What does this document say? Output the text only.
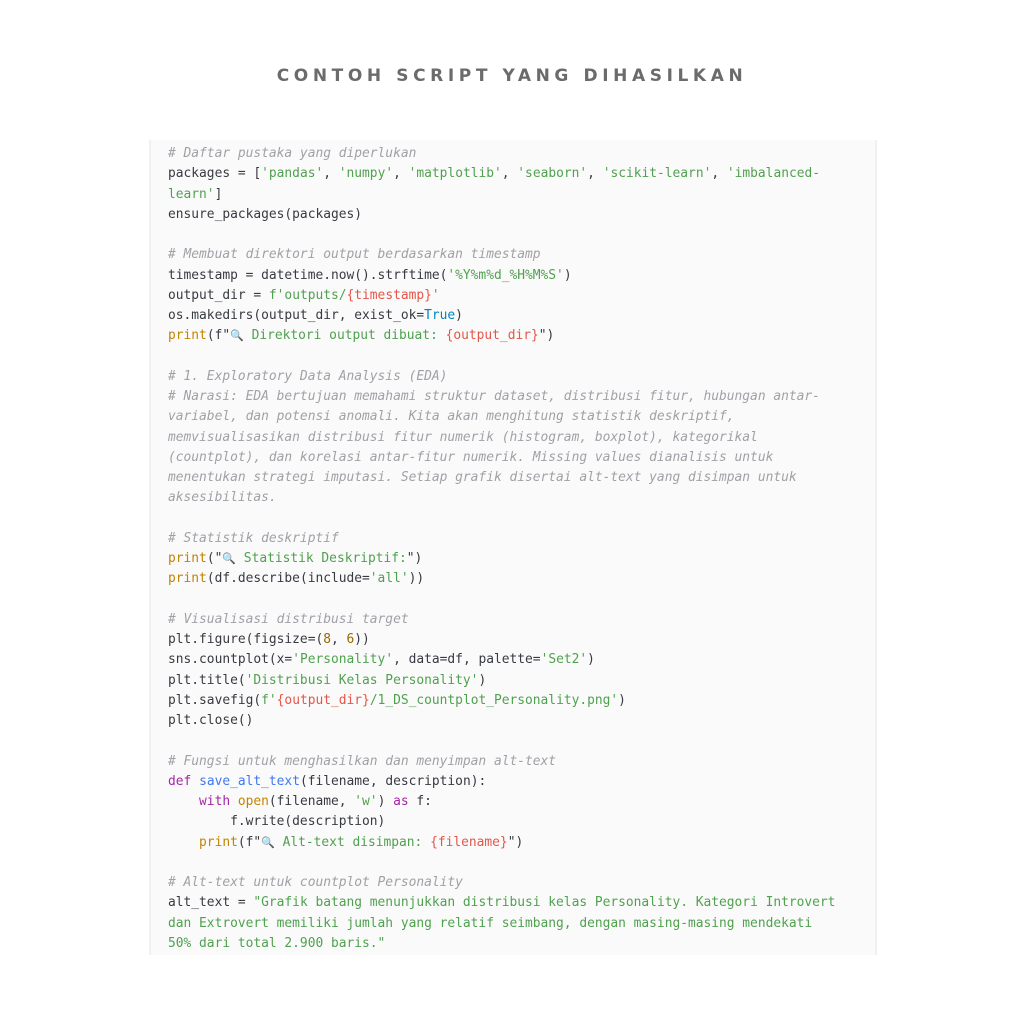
CONTOH SCRIPT YANG DIHASILKAN
# Daftar pustaka yang diperlukan
packages = ['pandas', 'numpy', 'matplotlib', 'seaborn', 'scikit-learn', 'imbalanced-
learn']
ensure_packages(packages)
# Membuat direktori output berdasarkan timestamp
timestamp = datetime.now().strftime('%Y%m%d_%H%M%S')
output_dir = f'outputs/{timestamp}'
os.makedirs(output_dir, exist_ok=True)
print(f"🔍 Direktori output dibuat: {output_dir}")
# 1. Exploratory Data Analysis (EDA)
# Narasi: EDA bertujuan memahami struktur dataset, distribusi fitur, hubungan antar-
variabel, dan potensi anomali. Kita akan menghitung statistik deskriptif,
memvisualisasikan distribusi fitur numerik (histogram, boxplot), kategorikal
(countplot), dan korelasi antar-fitur numerik. Missing values dianalisis untuk
menentukan strategi imputasi. Setiap grafik disertai alt-text yang disimpan untuk
aksesibilitas.
# Statistik deskriptif
print("🔍 Statistik Deskriptif:")
print(df.describe(include='all'))
# Visualisasi distribusi target
plt.figure(figsize=(8, 6))
sns.countplot(x='Personality', data=df, palette='Set2')
plt.title('Distribusi Kelas Personality')
plt.savefig(f'{output_dir}/1_DS_countplot_Personality.png')
plt.close()
# Fungsi untuk menghasilkan dan menyimpan alt-text
def save_alt_text(filename, description):
with open(filename, 'w') as f:
f.write(description)
print(f"🔍 Alt-text disimpan: {filename}")
# Alt-text untuk countplot Personality
alt_text = "Grafik batang menunjukkan distribusi kelas Personality. Kategori Introvert
dan Extrovert memiliki jumlah yang relatif seimbang, dengan masing-masing mendekati
50% dari total 2.900 baris."
